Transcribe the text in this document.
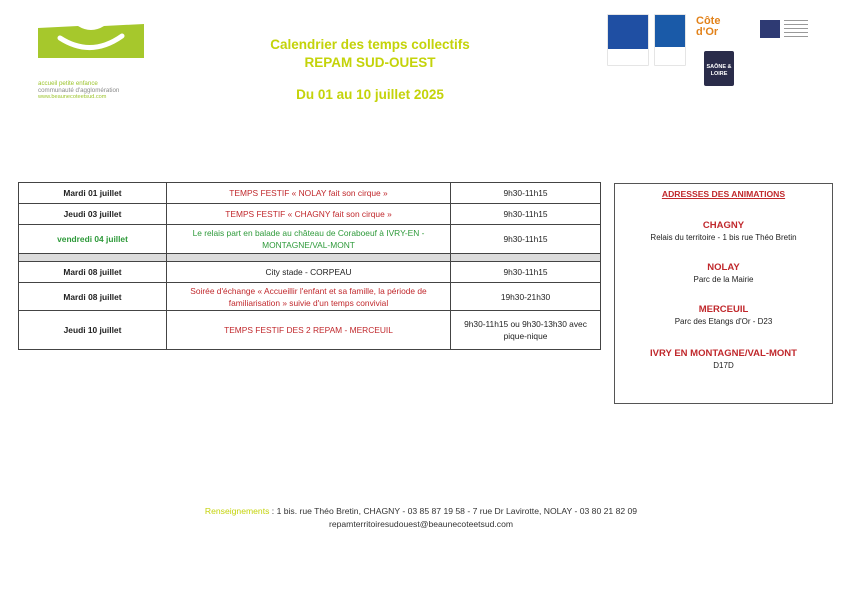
accueil petite enfance
communauté d'agglomération
www.beaunecoteetsud.com
Calendrier des temps collectifs
REPAM SUD-OUEST
Du 01 au 10 juillet 2025
Côte d'Or
SAÔNE & LOIRE
Mardi 01 juillet	TEMPS FESTIF « NOLAY fait son cirque »	9h30-11h15
Jeudi 03 juillet	TEMPS FESTIF « CHAGNY fait son cirque »	9h30-11h15
vendredi 04 juillet	Le relais part en balade au château de Coraboeuf à IVRY-EN -MONTAGNE/VAL-MONT	9h30-11h15

Mardi 08 juillet	City stade - CORPEAU	9h30-11h15
Mardi 08 juillet	Soirée d'échange « Accueillir l'enfant et sa famille, la période de familiarisation » suivie d'un temps convivial	19h30-21h30
Jeudi 10 juillet	TEMPS FESTIF DES 2 REPAM - MERCEUIL	9h30-11h15 ou 9h30-13h30 avec pique-nique
ADRESSES DES ANIMATIONS
CHAGNY
Relais du territoire - 1 bis rue Théo Bretin
NOLAY
Parc de la Mairie
MERCEUIL
Parc des Etangs d'Or - D23
IVRY EN MONTAGNE/VAL-MONT
D17D
Renseignements : 1 bis. rue Théo Bretin, CHAGNY - 03 85 87 19 58 - 7 rue Dr Lavirotte, NOLAY - 03 80 21 82 09
repamterritoiresudouest@beaunecoteetsud.com
